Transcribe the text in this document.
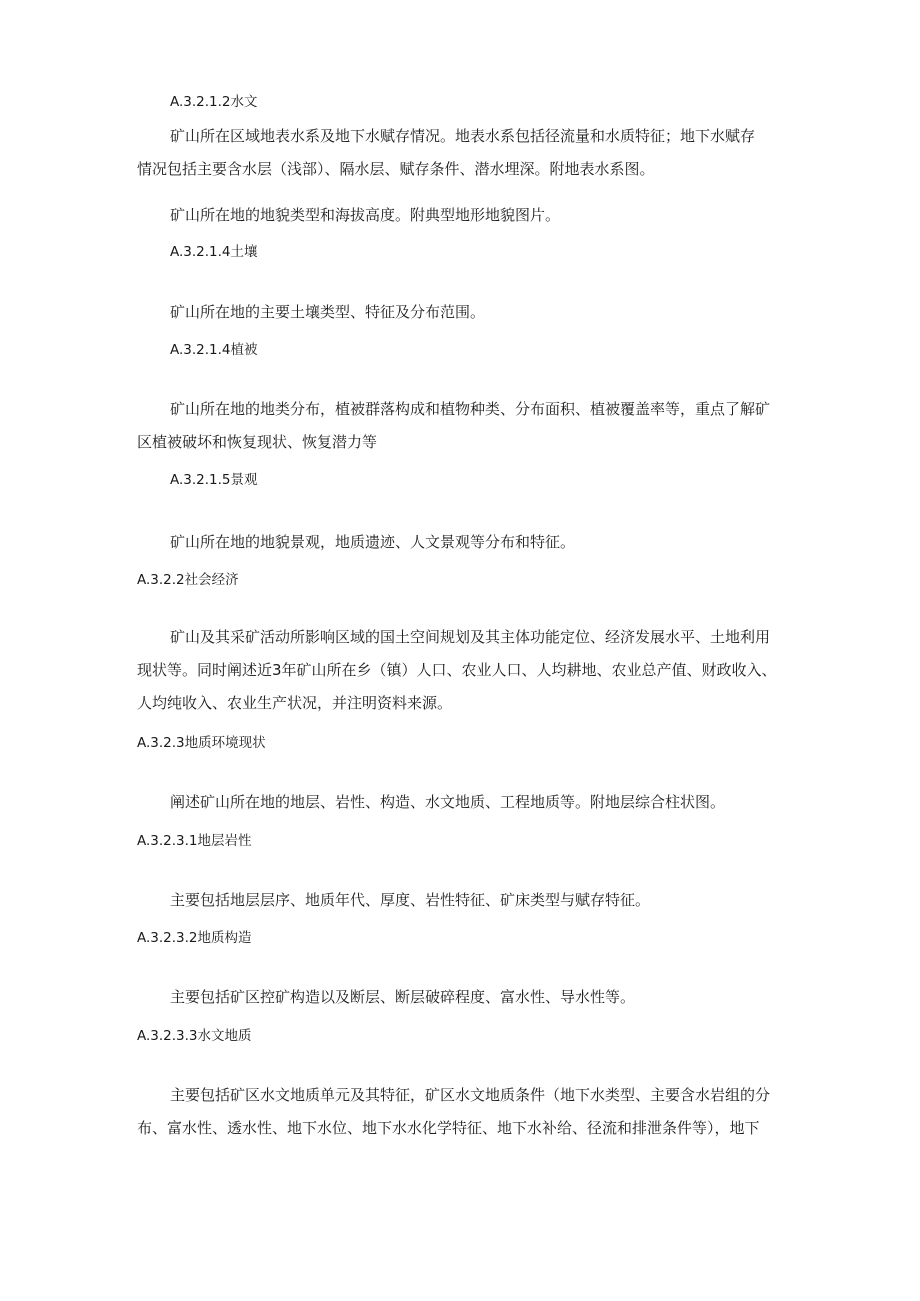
A.3.2.1.2水文
矿山所在区域地表水系及地下水赋存情况。地表水系包括径流量和水质特征；地下水赋存
情况包括主要含水层（浅部）、隔水层、赋存条件、潜水埋深。附地表水系图。
矿山所在地的地貌类型和海拔高度。附典型地形地貌图片。
A.3.2.1.4土壤
矿山所在地的主要土壤类型、特征及分布范围。
A.3.2.1.4植被
矿山所在地的地类分布，植被群落构成和植物种类、分布面积、植被覆盖率等，重点了解矿
区植被破坏和恢复现状、恢复潜力等
A.3.2.1.5景观
矿山所在地的地貌景观，地质遗迹、人文景观等分布和特征。
A.3.2.2社会经济
矿山及其采矿活动所影响区域的国土空间规划及其主体功能定位、经济发展水平、土地利用
现状等。同时阐述近3年矿山所在乡（镇）人口、农业人口、人均耕地、农业总产值、财政收入、
人均纯收入、农业生产状况，并注明资料来源。
A.3.2.3地质环境现状
阐述矿山所在地的地层、岩性、构造、水文地质、工程地质等。附地层综合柱状图。
A.3.2.3.1地层岩性
主要包括地层层序、地质年代、厚度、岩性特征、矿床类型与赋存特征。
A.3.2.3.2地质构造
主要包括矿区控矿构造以及断层、断层破碎程度、富水性、导水性等。
A.3.2.3.3水文地质
主要包括矿区水文地质单元及其特征，矿区水文地质条件（地下水类型、主要含水岩组的分
布、富水性、透水性、地下水位、地下水水化学特征、地下水补给、径流和排泄条件等），地下
